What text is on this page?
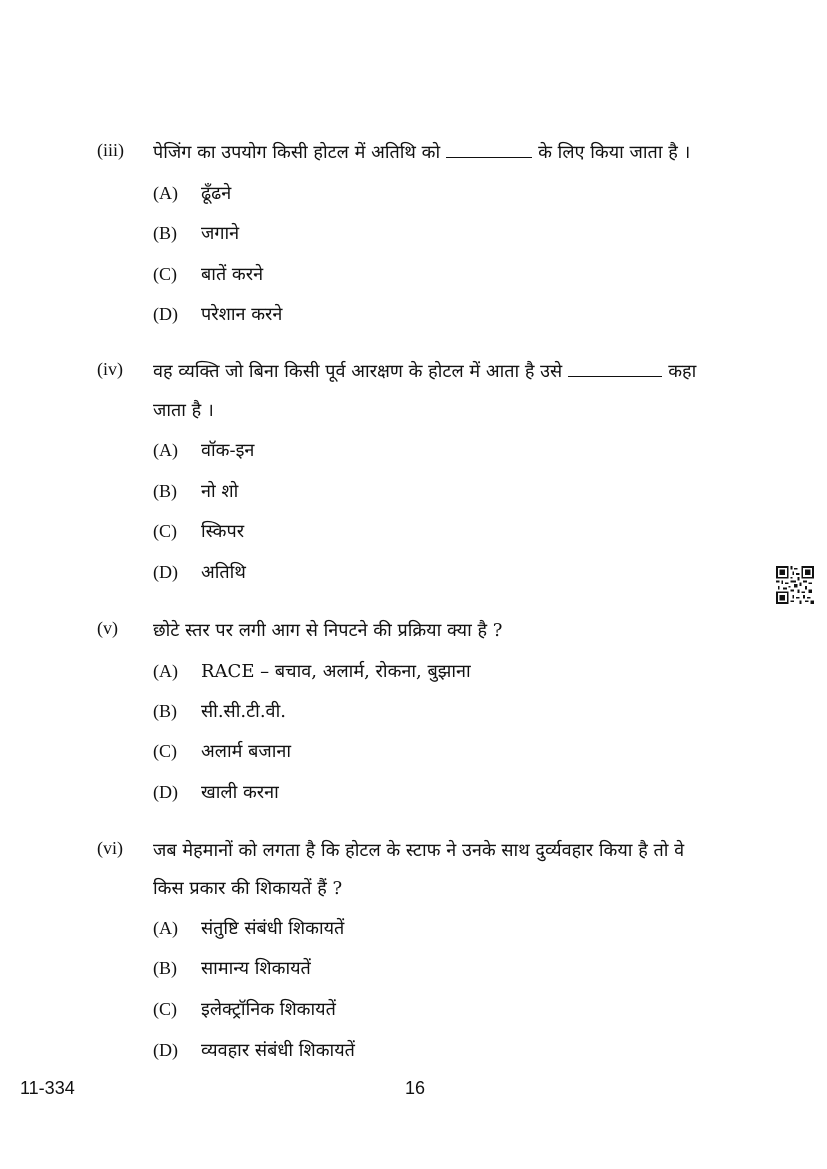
(iii) पेजिंग का उपयोग किसी होटल में अतिथि को	के लिए किया जाता है ।
(A) ढूँढने
(B) जगाने
(C) बातें करने
(D) परेशान करने
(iv) वह व्यक्ति जो बिना किसी पूर्व आरक्षण के होटल में आता है उसे	कहा
जाता है ।
(A) वॉक-इन
(B) नो शो
(C) स्किपर
(D) अतिथि
(v) छोटे स्तर पर लगी आग से निपटने की प्रक्रिया क्या है ?
(A) RACE – बचाव, अलार्म, रोकना, बुझाना
(B) सी.सी.टी.वी.
(C) अलार्म बजाना
(D) खाली करना
(vi) जब मेहमानों को लगता है कि होटल के स्टाफ ने उनके साथ दुर्व्यवहार किया है तो वे
किस प्रकार की शिकायतें हैं ?
(A) संतुष्टि संबंधी शिकायतें
(B) सामान्य शिकायतें
(C) इलेक्ट्रॉनिक शिकायतें
(D) व्यवहार संबंधी शिकायतें
11-334	16
